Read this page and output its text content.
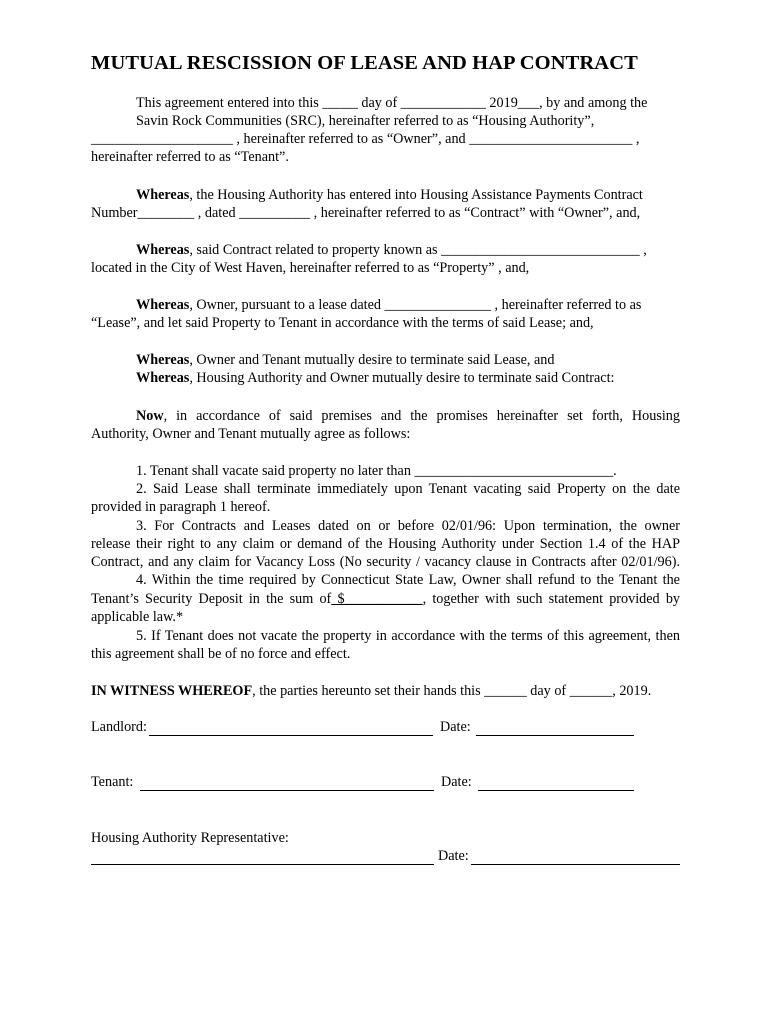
MUTUAL RESCISSION OF LEASE AND HAP CONTRACT
This agreement entered into this _____ day of ____________ 2019___, by and among the
Savin Rock Communities (SRC), hereinafter referred to as “Housing Authority”,
____________________ , hereinafter referred to as “Owner”, and _______________________ ,
hereinafter referred to as “Tenant”.
Whereas, the Housing Authority has entered into Housing Assistance Payments Contract
Number________ , dated __________ , hereinafter referred to as “Contract” with “Owner”, and,
Whereas, said Contract related to property known as ____________________________ ,
located in the City of West Haven, hereinafter referred to as “Property” , and,
Whereas, Owner, pursuant to a lease dated _______________ , hereinafter referred to as
“Lease”, and let said Property to Tenant in accordance with the terms of said Lease; and,
Whereas, Owner and Tenant mutually desire to terminate said Lease, and
Whereas, Housing Authority and Owner mutually desire to terminate said Contract:
Now, in accordance of said premises and the promises hereinafter set forth, Housing
Authority, Owner and Tenant mutually agree as follows:
1. Tenant shall vacate said property no later than ____________________________.
2. Said Lease shall terminate immediately upon Tenant vacating said Property on the date
provided in paragraph 1 hereof.
3. For Contracts and Leases dated on or before 02/01/96: Upon termination, the owner
release their right to any claim or demand of the Housing Authority under Section 1.4 of the HAP
Contract, and any claim for Vacancy Loss (No security / vacancy clause in Contracts after 02/01/96).
4. Within the time required by Connecticut State Law, Owner shall refund to the Tenant the
Tenant’s Security Deposit in the sum of $___________, together with such statement provided by
applicable law.*
5. If Tenant does not vacate the property in accordance with the terms of this agreement, then
this agreement shall be of no force and effect.
IN WITNESS WHEREOF, the parties hereunto set their hands this ______ day of ______, 2019.
Landlord:	Date:
Tenant:	Date:
Housing Authority Representative:
Date:
